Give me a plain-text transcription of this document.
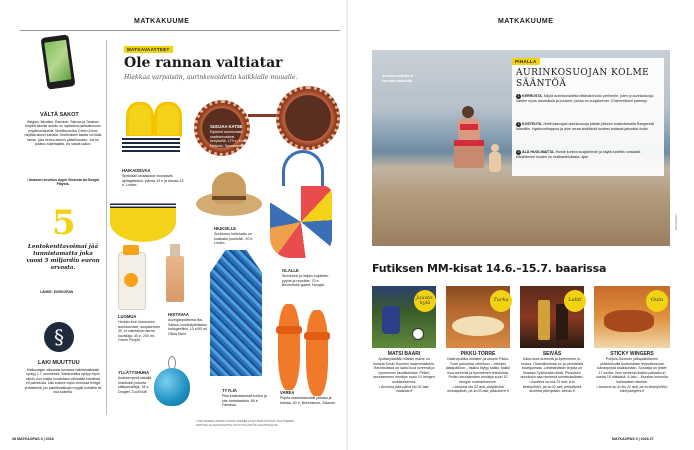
MATKAKUUME
VÄLTÄ SAKOT
Belgian, Itävallan, Ranskan, Saksan ja Tanskan tietyillä alueilla autoilu on rajoitettua paikkakunnan ympäristöalueilla. Mobiilisovellus Green Zones näyttää alueet kartalla. Sovelluksen kautta voi tilata tarran, joka kertoo autoon päästöluokan. Jos se puuttuu kuljettajalta, voi saada sakon.
• Ilmainen sovellus Apple Storesta tai Google Playsta.
5
Lentokenttavoimai jää tunnistamatta joka vuosi 5 miljardin euron arvosta.
LÄHDE: EUROOPAN
§
LAKI MUUTTUU
Matkustajan oikeuksia turvaava valmismatkalaki syntyy 1.7. mennessä. Valmismatka syntyy myös silloin, kun matka koostetaan vähintään kahdesta eri palvelusta. Laki koskee myös verkossa tehtyjä yhdistelmiä, jos pakettimatkojen myyjät kohdella tai osa tuotteita.
MATKAVAATTEET
Ole rannan valtiatar
Hiekkaa varpaisiin, aurinkovoidetta kaikkialle muualle.
HAIKAISEVAA
Spektaali ostaakokot innostavat apilagaleskin, yläosa 19 e ja alaosa 15 e, Lindex.
SUOJAA KATSE
Rydoirel aurinkolasit vaaleanruskeat kehyksillä, 179 e, Kranu Helsinki, Specsavers.
HIUKSILLE
Suuliremu hellehattu on kuiskattu puoliväin, 20 e, Lindex.
OLALLE
Sinivihreä ja heljain sojoitetto pyyhe ja repeäbe, 70 e, Beckstroke-gaard, Nougat.
LUOMUA
Herkän ihon luomuinen aurinkovoide, suojakerroin 30, ei valmiaisia merne kuvallaja, 40 e, 200 ml, Green People.
HOITAVAA
Auringanpoltteina ilta-Sahtuu monikäyttöiseksi hoitogeeliksi, 10 e/50 ml, Olivia Klein.
YLLÄTYSHUNA
Avaimenperä säkällä reaktiokin puiseta yllätysmalleja, 18 e, Dragfet, CoolStuff.	TYYLIÄ
Pitsi kelahdaseiskit tunika ja kite rantabasiisin, 80 e, Fantasia.
VAREA
Pupita maaristansdalit jalkaan ja kahlaa, 40 e, Birkenstock, Zalando.
TUOTTEIDEN HINNAT VOIVAT VAIHDELLA MYYMÄLÖITTÄIN. TUOTTEIDEN HINTOJA JA SAATAVUUTTA VOI KYSYÄ MYÖS VALMISTAJILTA.
38 MATKAOPAS 3 | 2018
MATKAKUUME
Aurinkovoidetta ei kannata säästellä.
iStockphoto
PIHALLA
AURINKOSUOJAN KOLME SÄÄNTÖÄ
1 KERROSTA. Käytä aurinkovoidetta riittävästi koko perheelle, joten jo aurinkosuoja. Vahtee myös rasvauksia ja puuseet, joissa on suojakerroin. Ensimmäinen parempi.
2 KOSTEUTA. Hellit kaavojasi aurinkosuoja päivän jälkeen kosteuttavalla Rangerlotti lotionitiin. Hyaluronihappoa ja aloe veraa sisältävät tuotteet auttavat jaksoiksi iholla.
3 ÄLÄ HUOLIMATTA. Huiste korkea suojakerroin ja käytä tuotetta runsaasti. Kärsitämme kuuten on vesikasteluitasta, ajan.
Futiksen MM-kisat 14.6.–15.7. baarissa
Juusto-kylä	Turku	Lahti	Oulu
MATSI BAARI
Jyväskylästään Matsin maine on kivoirat Keski-Suomen laajemmallekin. Ravintolassa on kaksi isoa screeniä ja kymmenen tavallistoksia. Peilen seuraammen ennätys mutu 10 hengen ruokiareserves.
• Avoinna joka päivä klo 02 asti; matsibar.fi
PIKKU-TORRE
Gastropubika klotisten ja utoune Pikku-Torre panostaa urheiluun – eteinkin jalkapalloon – lisäksi löytyy kaikki, kaikki isoa screeniä ja kymmenen televisiota. Pelien seuraamisen ennätys suuri 10 hengen ruokiareserves.
• Avoinna klo 23 asti; pelipäivinä torstaipäisin; pe-la 03 asti; pikkutorre.fi
SEIVÄS
Kaksi isoa screeniä ja kymmenen tv-ruutua. Olutvalikoimaa on ja perinteisiä baarijuomaa. Lahtelaisittain terjolla on Ilmassa Sylvinkalla niistä. Pursuisen annoksiin saa nimensä komistuksillaan.
• Avoinna su-ma 21 asti; ti-to keskiyöhön, pe-la 02 asti; pelipäivinä avoinna pitempään; seivas.fi
STICKY WINGERS
Pohjois-Suomen jalkapallofanien yksikköhuilla korkeintaan teripolarneoan kananpöytä kaakkunaan. Socasija on jestet 17 suotta. Ison screenin lisäksi paikalla on useita 15 näkkänä. A-talo – Muutoin kunnolla kotimaisten alueilla.
• Avoinna su-to klo 22 asti; pe-la keskiyöhön; stickywingers.fi
MATKAOPAS 3 | 2018 27
